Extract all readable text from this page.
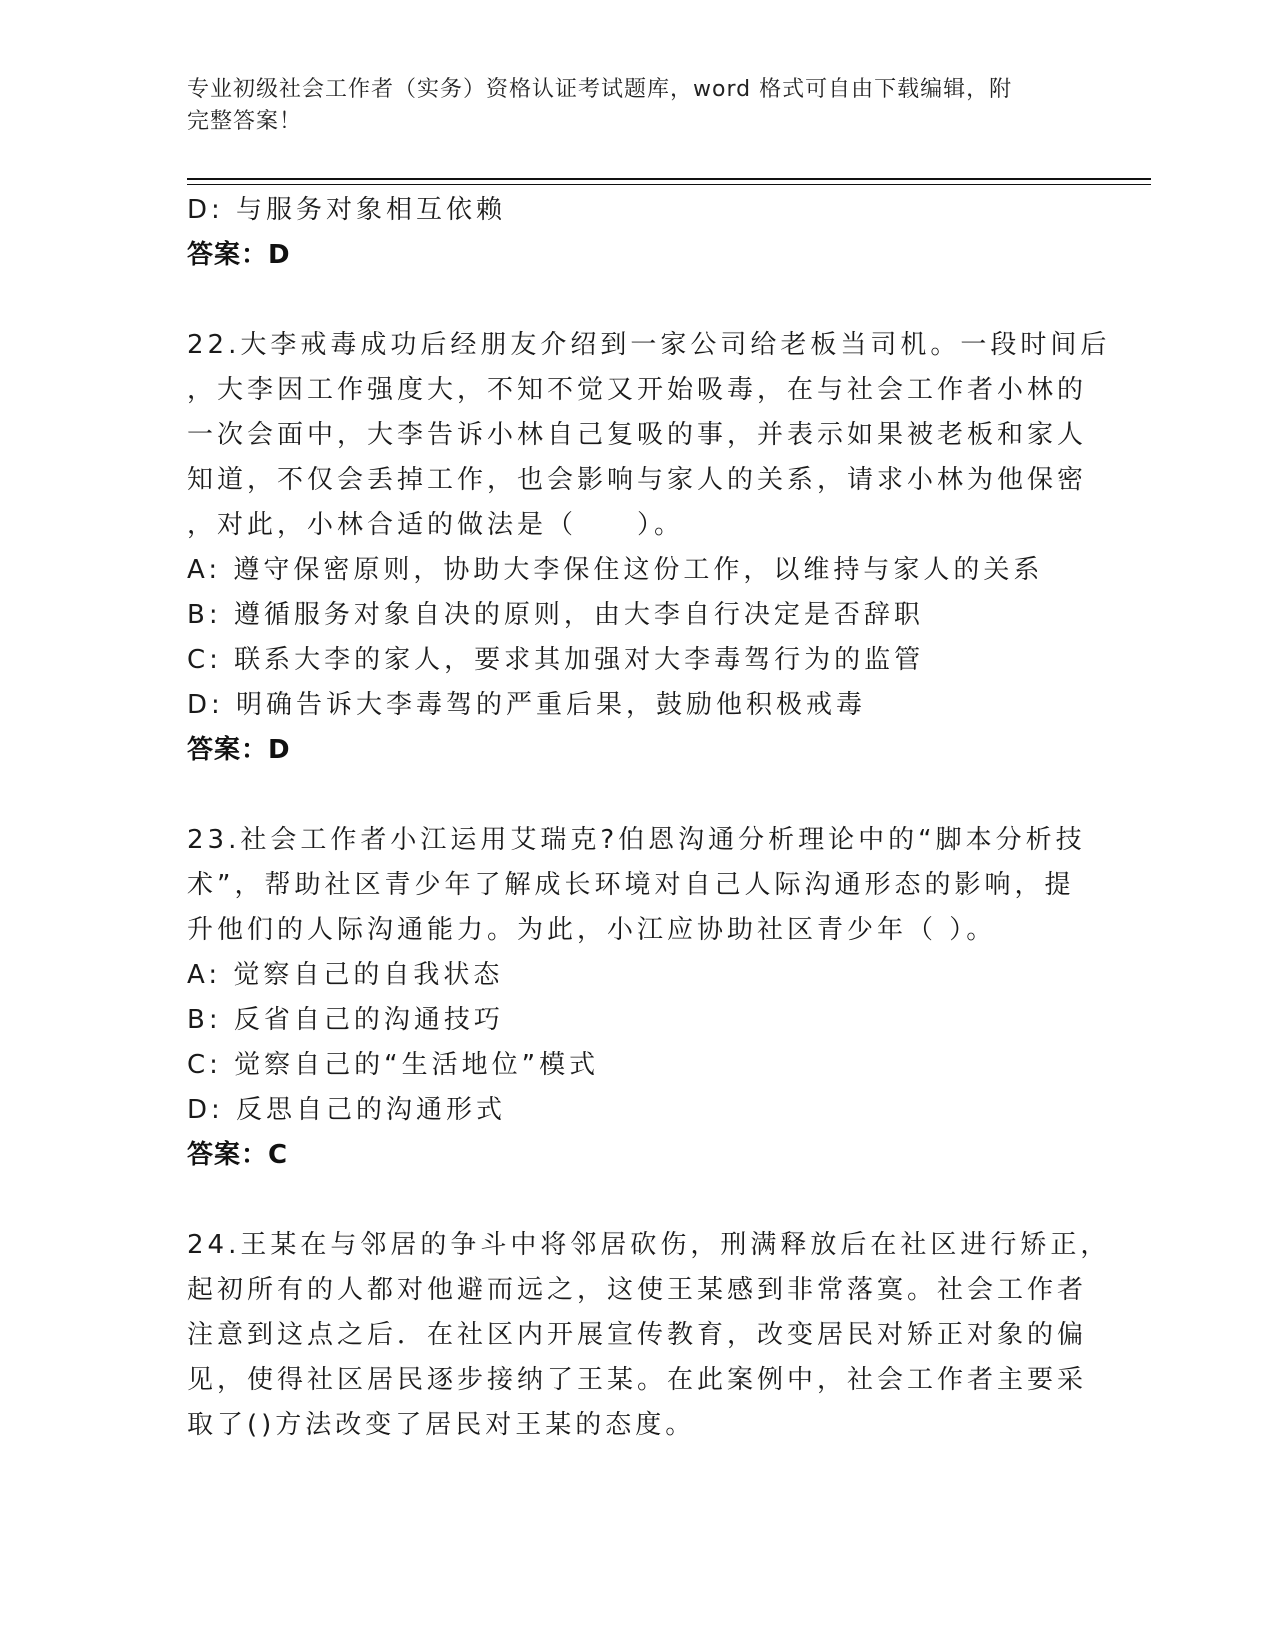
专业初级社会工作者（实务）资格认证考试题库，word 格式可自由下载编辑，附
完整答案！
D: 与服务对象相互依赖
答案：D
22.大李戒毒成功后经朋友介绍到一家公司给老板当司机。一段时间后
，大李因工作强度大，不知不觉又开始吸毒，在与社会工作者小林的
一次会面中，大李告诉小林自己复吸的事，并表示如果被老板和家人
知道，不仅会丢掉工作，也会影响与家人的关系，请求小林为他保密
，对此，小林合适的做法是（　　）。
A: 遵守保密原则，协助大李保住这份工作，以维持与家人的关系
B: 遵循服务对象自决的原则，由大李自行决定是否辞职
C: 联系大李的家人，要求其加强对大李毒驾行为的监管
D: 明确告诉大李毒驾的严重后果，鼓励他积极戒毒
答案：D
23.社会工作者小江运用艾瑞克?伯恩沟通分析理论中的“脚本分析技
术”，帮助社区青少年了解成长环境对自己人际沟通形态的影响，提
升他们的人际沟通能力。为此，小江应协助社区青少年（ ）。
A: 觉察自己的自我状态
B: 反省自己的沟通技巧
C: 觉察自己的“生活地位”模式
D: 反思自己的沟通形式
答案：C
24.王某在与邻居的争斗中将邻居砍伤，刑满释放后在社区进行矫正，
起初所有的人都对他避而远之，这使王某感到非常落寞。社会工作者
注意到这点之后．在社区内开展宣传教育，改变居民对矫正对象的偏
见，使得社区居民逐步接纳了王某。在此案例中，社会工作者主要采
取了()方法改变了居民对王某的态度。
